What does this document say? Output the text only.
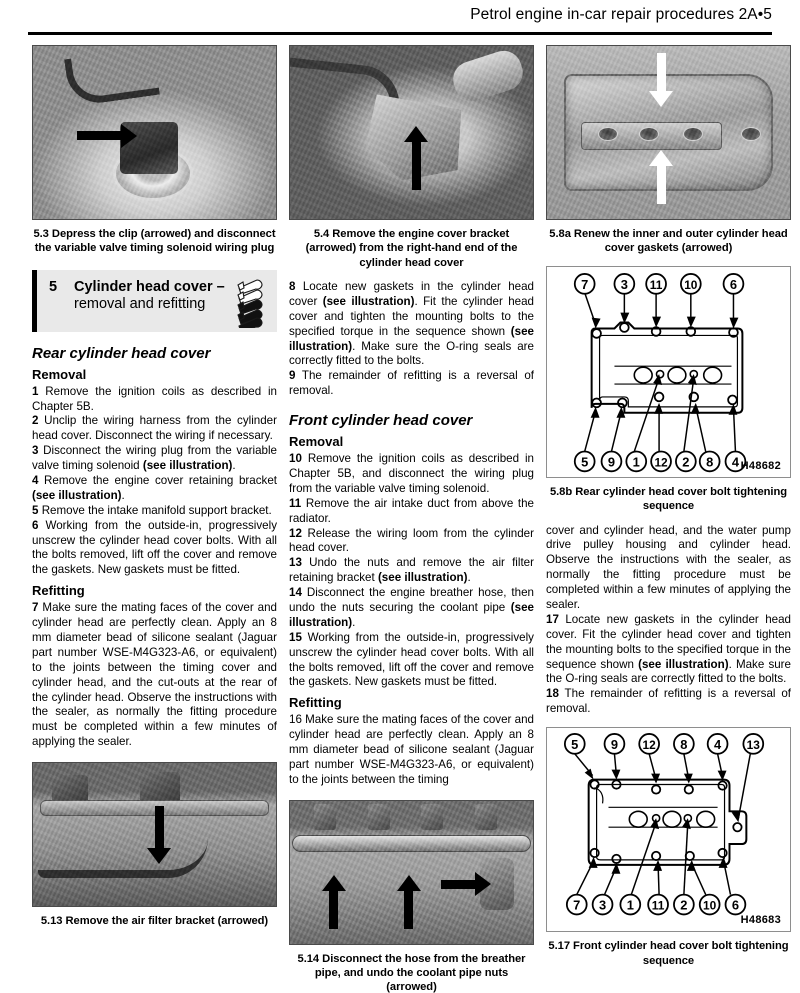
Petrol engine in-car repair procedures 2A•5
5.3 Depress the clip (arrowed) and disconnect the variable valve timing solenoid wiring plug
5 Cylinder head cover –
removal and refitting
Rear cylinder head cover
Removal

1 Remove the ignition coils as described in Chapter 5B.

2 Unclip the wiring harness from the cylinder head cover. Disconnect the wiring if necessary.

3 Disconnect the wiring plug from the variable valve timing solenoid (see illustration).

4 Remove the engine cover retaining bracket (see illustration).

5 Remove the intake manifold support bracket.

6 Working from the outside-in, progressively unscrew the cylinder head cover bolts. With all the bolts removed, lift off the cover and remove the gaskets. New gaskets must be fitted.

Refitting

7 Make sure the mating faces of the cover and cylinder head are perfectly clean. Apply an 8 mm diameter bead of silicone sealant (Jaguar part number WSE-M4G323-A6, or equivalent) to the joints between the timing cover and cylinder head, and the cut-outs at the rear of the cylinder head. Observe the instructions with the sealer, as normally the fitting procedure must be completed within a few minutes of applying the sealer.

5.13 Remove the air filter bracket (arrowed)
5.4 Remove the engine cover bracket (arrowed) from the right-hand end of the cylinder head cover

8 Locate new gaskets in the cylinder head cover (see illustration). Fit the cylinder head cover and tighten the mounting bolts to the specified torque in the sequence shown (see illustration). Make sure the O-ring seals are correctly fitted to the bolts.

9 The remainder of refitting is a reversal of removal.

Front cylinder head cover
Removal

10 Remove the ignition coils as described in Chapter 5B, and disconnect the wiring plug from the variable valve timing solenoid.

11 Remove the air intake duct from above the radiator.

12 Release the wiring loom from the cylinder head cover.

13 Undo the nuts and remove the air filter retaining bracket (see illustration).

14 Disconnect the engine breather hose, then undo the nuts securing the coolant pipe (see illustration).

15 Working from the outside-in, progressively unscrew the cylinder head cover bolts. With all the bolts removed, lift off the cover and remove the gaskets. New gaskets must be fitted.

Refitting

16 Make sure the mating faces of the cover and cylinder head are perfectly clean. Apply an 8 mm diameter bead of silicone sealant (Jaguar part number WSE-M4G323-A6, or equivalent) to the joints between the timing

5.14 Disconnect the hose from the breather pipe, and undo the coolant pipe nuts (arrowed)
5.8a Renew the inner and outer cylinder head cover gaskets (arrowed)
7	3 11 10 6
5 9 1 12 2 8 4 H48682
5.8b Rear cylinder head cover bolt tightening sequence

cover and cylinder head, and the water pump drive pulley housing and cylinder head. Observe the instructions with the sealer, as normally the fitting procedure must be completed within a few minutes of applying the sealer.

17 Locate new gaskets in the cylinder head cover. Fit the cylinder head cover and tighten the mounting bolts to the specified torque in the sequence shown (see illustration). Make sure the O-ring seals are correctly fitted to the bolts.

18 The remainder of refitting is a reversal of removal.

5 9 12 8 4 13
7 3 1 11 2 10 6
H48683
5.17 Front cylinder head cover bolt tightening sequence
